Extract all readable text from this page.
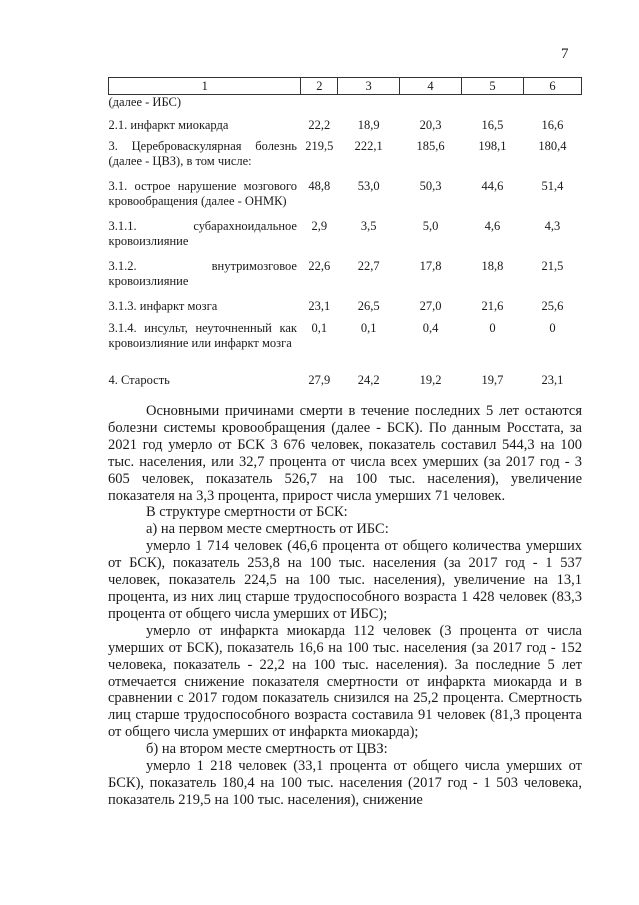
7
1	2	3	4	5	6
(далее - ИБС)					
2.1. инфаркт миокарда	22,2	18,9	20,3	16,5	16,6
3. Цереброваскулярная болезнь (далее - ЦВЗ), в том числе:	219,5	222,1	185,6	198,1	180,4
3.1. острое нарушение мозгового кровообращения (далее - ОНМК)	48,8	53,0	50,3	44,6	51,4
3.1.1. субарахноидальное кровоизлияние	2,9	3,5	5,0	4,6	4,3
3.1.2. внутримозговое кровоизлияние	22,6	22,7	17,8	18,8	21,5
3.1.3. инфаркт мозга	23,1	26,5	27,0	21,6	25,6
3.1.4. инсульт, неуточненный как кровоизлияние или инфаркт мозга	0,1	0,1	0,4	0	0
4. Старость	27,9	24,2	19,2	19,7	23,1

Основными причинами смерти в течение последних 5 лет остаются болезни системы кровообращения (далее - БСК). По данным Росстата, за 2021 год умерло от БСК 3 676 человек, показатель составил 544,3 на 100 тыс. населения, или 32,7 процента от числа всех умерших (за 2017 год - 3 605 человек, показатель 526,7 на 100 тыс. населения), увеличение показателя на 3,3 процента, прирост числа умерших 71 человек.

В структуре смертности от БСК:

а) на первом месте смертность от ИБС:

умерло 1 714 человек (46,6 процента от общего количества умерших от БСК), показатель 253,8 на 100 тыс. населения (за 2017 год - 1 537 человек, показатель 224,5 на 100 тыс. населения), увеличение на 13,1 процента, из них лиц старше трудоспособного возраста 1 428 человек (83,3 процента от общего числа умерших от ИБС);

умерло от инфаркта миокарда 112 человек (3 процента от числа умерших от БСК), показатель 16,6 на 100 тыс. населения (за 2017 год - 152 человека, показатель - 22,2 на 100 тыс. населения). За последние 5 лет отмечается снижение показателя смертности от инфаркта миокарда и в сравнении с 2017 годом показатель снизился на 25,2 процента. Смертность лиц старше трудоспособного возраста составила 91 человек (81,3 процента от общего числа умерших от инфаркта миокарда);

б) на втором месте смертность от ЦВЗ:

умерло 1 218 человек (33,1 процента от общего числа умерших от БСК), показатель 180,4 на 100 тыс. населения (2017 год - 1 503 человека, показатель 219,5 на 100 тыс. населения), снижение
